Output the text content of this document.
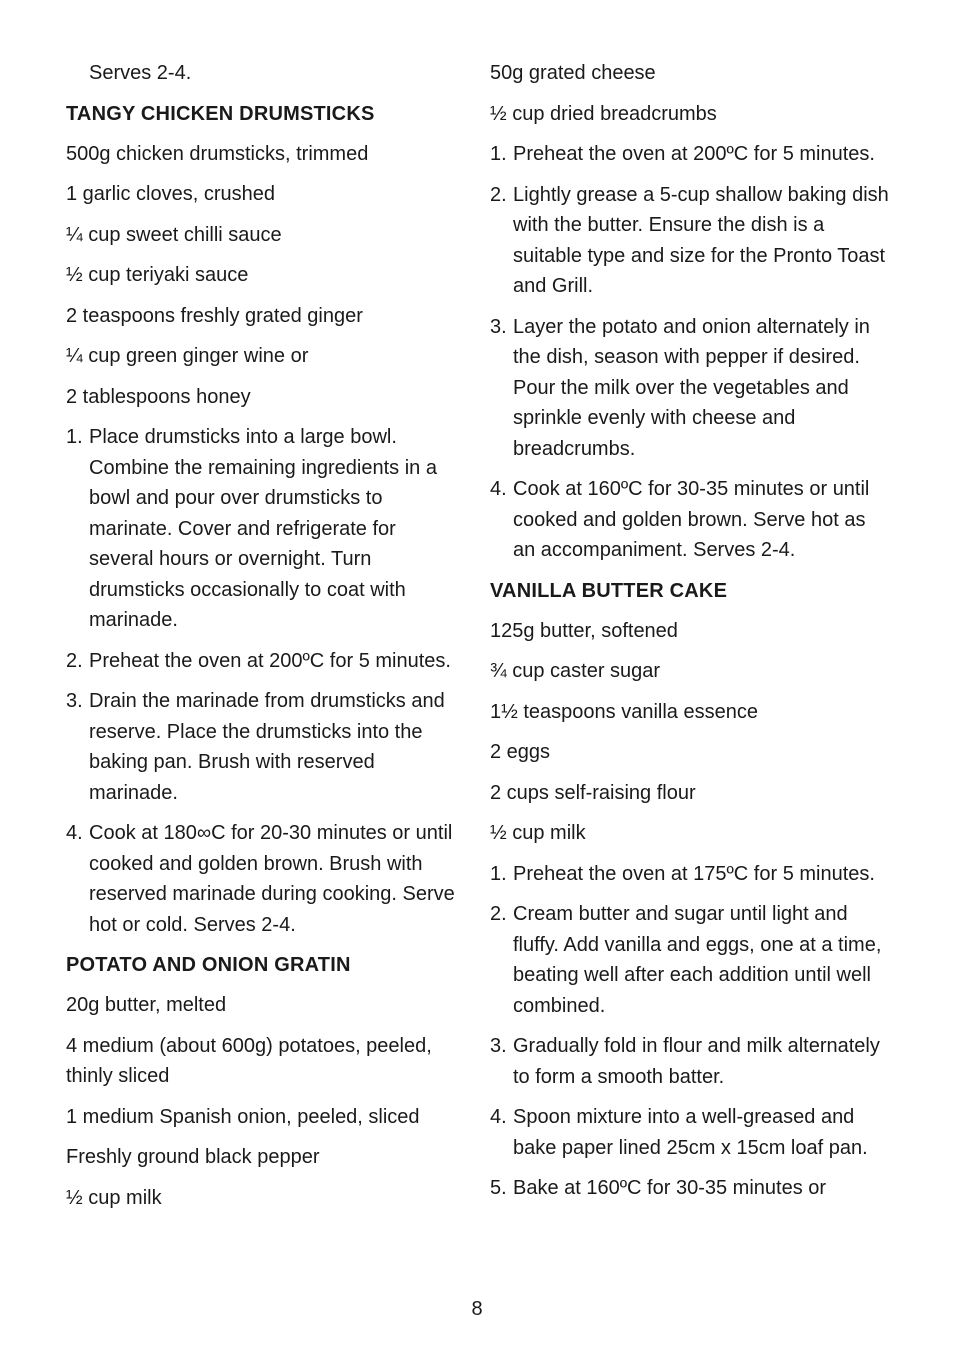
Serves 2-4.
TANGY CHICKEN DRUMSTICKS
500g chicken drumsticks, trimmed
1 garlic cloves, crushed
¼ cup sweet chilli sauce
½ cup teriyaki sauce
2 teaspoons freshly grated ginger
¼ cup green ginger wine or
2 tablespoons honey
1. Place drumsticks into a large bowl. Combine the remaining ingredients in a bowl and pour over drumsticks to marinate. Cover and refrigerate for several hours or overnight. Turn drumsticks occasionally to coat with marinade.
2. Preheat the oven at 200ºC for 5 minutes.
3. Drain the marinade from drumsticks and reserve. Place the drumsticks into the baking pan. Brush with reserved marinade.
4. Cook at 180∞C for 20-30 minutes or until cooked and golden brown. Brush with reserved marinade during cooking. Serve hot or cold. Serves 2-4.
POTATO AND ONION GRATIN
20g butter, melted
4 medium (about 600g) potatoes, peeled, thinly sliced
1 medium Spanish onion, peeled, sliced
Freshly ground black pepper
½ cup milk
50g grated cheese
½ cup dried breadcrumbs
1. Preheat the oven at 200ºC for 5 minutes.
2. Lightly grease a 5-cup shallow baking dish with the butter. Ensure the dish is a suitable type and size for the Pronto Toast and Grill.
3. Layer the potato and onion alternately in the dish, season with pepper if desired. Pour the milk over the vegetables and sprinkle evenly with cheese and breadcrumbs.
4. Cook at 160ºC for 30-35 minutes or until cooked and golden brown. Serve hot as an accompaniment. Serves 2-4.
VANILLA BUTTER CAKE
125g butter, softened
¾ cup caster sugar
1½ teaspoons vanilla essence
2 eggs
2 cups self-raising flour
½ cup milk
1. Preheat the oven at 175ºC for 5 minutes.
2. Cream butter and sugar until light and fluffy. Add vanilla and eggs, one at a time, beating well after each addition until well combined.
3. Gradually fold in flour and milk alternately to form a smooth batter.
4. Spoon mixture into a well-greased and bake paper lined 25cm x 15cm loaf pan.
5. Bake at 160ºC for 30-35 minutes or
8
